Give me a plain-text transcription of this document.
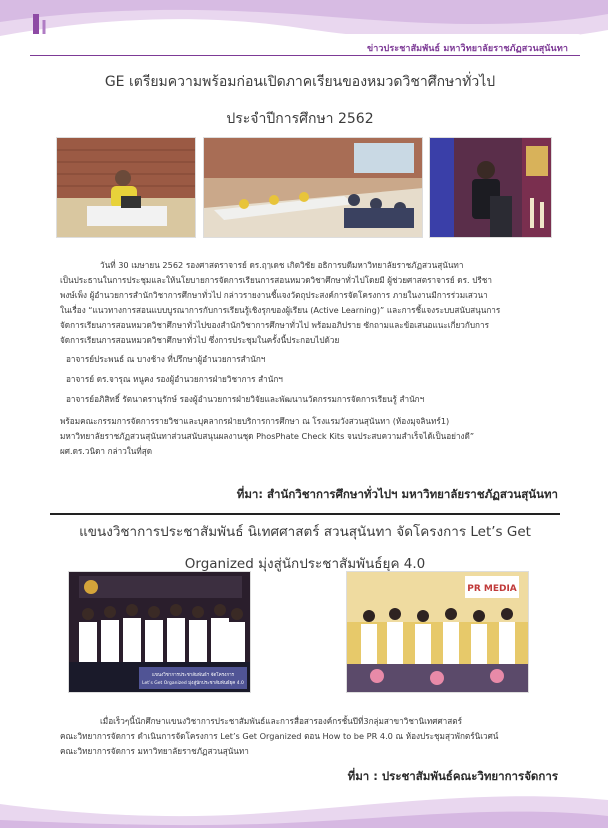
ข่าวประชาสัมพันธ์ มหาวิทยาลัยราชภัฏสวนสุนันทา
GE เตรียมความพร้อมก่อนเปิดภาคเรียนของหมวดวิชาศึกษาทั่วไป
ประจำปีการศึกษา 2562
วันที่ 30 เมษายน 2562 รองศาสตราจารย์ ดร.ฤๅเดช เกิดวิชัย อธิการบดีมหาวิทยาลัยราชภัฏสวนสุนันทา
เป็นประธานในการประชุมและให้นโยบายการจัดการเรียนการสอนหมวดวิชาศึกษาทั่วไปโดยมี ผู้ช่วยศาสตราจารย์ ดร. ปรีชา
พงษ์เพ็ง ผู้อำนวยการสำนักวิชาการศึกษาทั่วไป กล่าวรายงานชี้แจงวัตถุประสงค์การจัดโครงการ ภายในงานมีการร่วมเสวนา
ในเรื่อง “แนวทางการสอนแบบบูรณาการกับการเรียนรู้เชิงรุกของผู้เรียน (Active Learning)” และการชี้แจงระบบสนับสนุนการ
จัดการเรียนการสอนหมวดวิชาศึกษาทั่วไปของสำนักวิชาการศึกษาทั่วไป พร้อมอภิปราย ซักถามและข้อเสนอแนะเกี่ยวกับการ
จัดการเรียนการสอนหมวดวิชาศึกษาทั่วไป ซึ่งการประชุมในครั้งนี้ประกอบไปด้วย
อาจารย์ประพนธ์ ณ บางช้าง ที่ปรึกษาผู้อำนวยการสำนักฯ
อาจารย์ ดร.จารุณ หนูคง รองผู้อำนวยการฝ่ายวิชาการ สำนักฯ
อาจารย์อภิสิทธิ์ รัตนาตรานุรักษ์ รองผู้อำนวยการฝ่ายวิจัยและพัฒนานวัตกรรมการจัดการเรียนรู้ สำนักฯ
พร้อมคณะกรรมการจัดการรายวิชาและบุคลากรฝ่ายบริการการศึกษา ณ โรงแรมวังสวนสุนันทา (ห้องมุจลินทร์1)
มหาวิทยาลัยราชภัฏสวนสุนันทาส่วนสนับสนุนผลงานชุด PhosPhate Check Kits จนประสบความสำเร็จได้เป็นอย่างดี”
ผศ.ดร.วนิดา กล่าวในที่สุด
ที่มา: สำนักวิชาการศึกษาทั่วไปฯ มหาวิทยาลัยราชภัฏสวนสุนันทา
แขนงวิชาการประชาสัมพันธ์ นิเทศศาสตร์ สวนสุนันทา จัดโครงการ Let’s Get
Organized มุ่งสู่นักประชาสัมพันธ์ยุค 4.0
แขนงวิชาการประชาสัมพันธ์ฯ จัดโครงการ
Let’s Get Organized มุ่งสู่นักประชาสัมพันธ์ยุค 4.0
PR MEDIA
เมื่อเร็วๆนี้นักศึกษาแขนงวิชาการประชาสัมพันธ์และการสื่อสารองค์กรชั้นปีที่3กลุ่มสาขาวิชานิเทศศาสตร์
คณะวิทยาการจัดการ ดำเนินการจัดโครงการ Let’s Get Organized ตอน How to be PR 4.0 ณ ห้องประชุมสุวพักตร์นิเวศน์
คณะวิทยาการจัดการ มหาวิทยาลัยราชภัฏสวนสุนันทา
ที่มา : ประชาสัมพันธ์คณะวิทยาการจัดการ
